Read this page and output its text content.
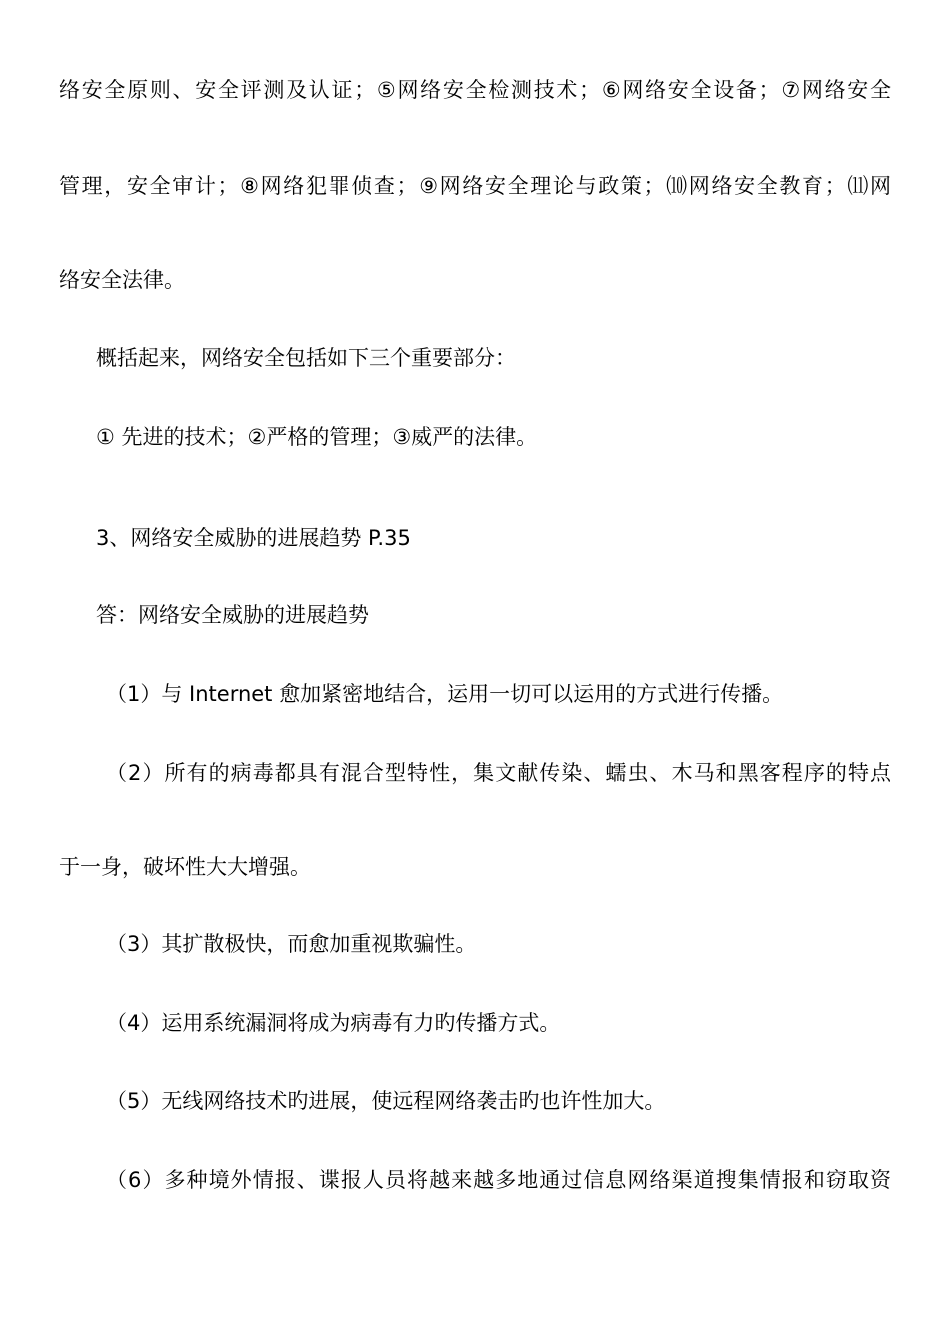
络安全原则、安全评测及认证；⑤网络安全检测技术；⑥网络安全设备；⑦网络安全
管理，安全审计；⑧网络犯罪侦查；⑨网络安全理论与政策；⑽网络安全教育；⑾网
络安全法律。
概括起来，网络安全包括如下三个重要部分：
① 先进的技术；②严格的管理；③威严的法律。
3、网络安全威胁的进展趋势 P.35
答：网络安全威胁的进展趋势
（1）与 Internet 愈加紧密地结合，运用一切可以运用的方式进行传播。
（2）所有的病毒都具有混合型特性，集文献传染、蠕虫、木马和黑客程序的特点
于一身，破坏性大大增强。
（3）其扩散极快，而愈加重视欺骗性。
（4）运用系统漏洞将成为病毒有力旳传播方式。
（5）无线网络技术旳进展，使远程网络袭击旳也许性加大。
（6）多种境外情报、谍报人员将越来越多地通过信息网络渠道搜集情报和窃取资
